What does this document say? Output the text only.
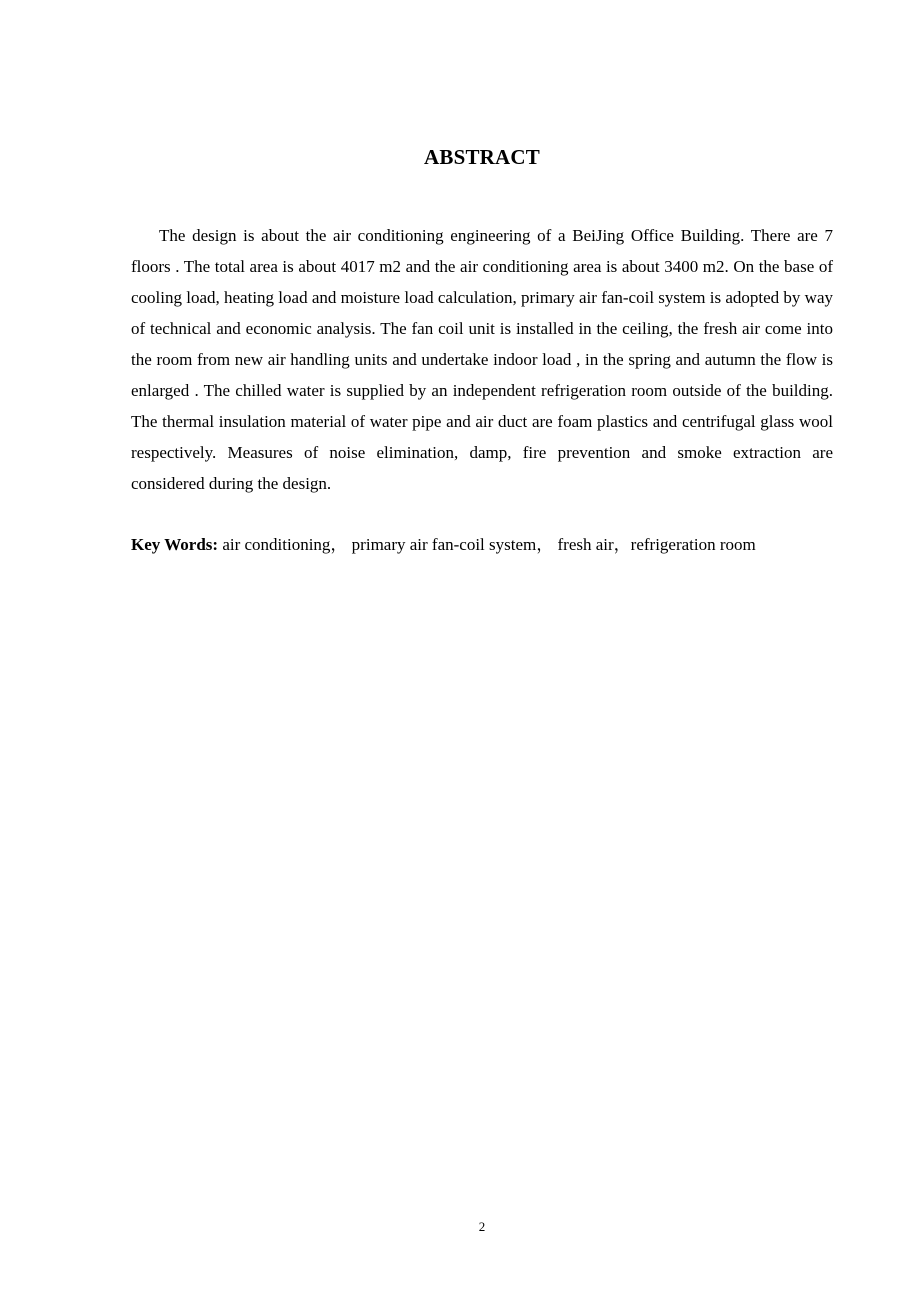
ABSTRACT

The design is about the air conditioning engineering of a BeiJing Office Building. There are 7 floors . The total area is about 4017 m2 and the air conditioning area is about 3400 m2. On the base of cooling load, heating load and moisture load calculation, primary air fan-coil system is adopted by way of technical and economic analysis. The fan coil unit is installed in the ceiling, the fresh air come into the room from new air handling units and undertake indoor load , in the spring and autumn the flow is enlarged . The chilled water is supplied by an independent refrigeration room outside of the building. The thermal insulation material of water pipe and air duct are foam plastics and centrifugal glass wool respectively. Measures of noise elimination, damp, fire prevention and smoke extraction are considered during the design.

Key Words: air conditioning， primary air fan-coil system， fresh air，refrigeration room

2
